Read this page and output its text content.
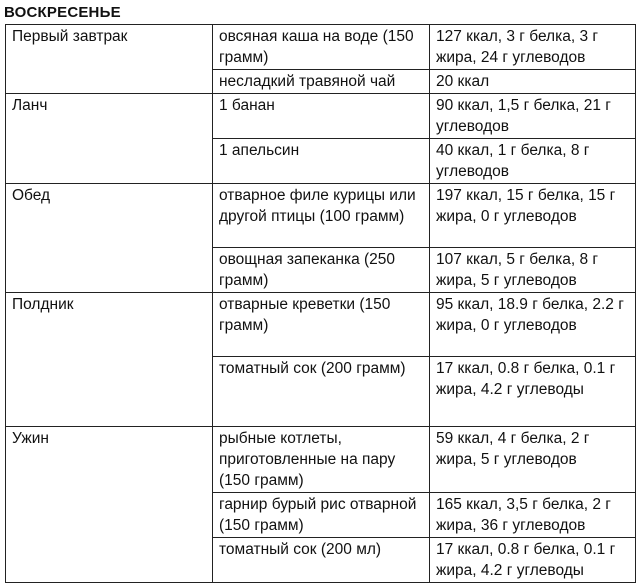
ВОСКРЕСЕНЬЕ
Первый завтрак	овсяная каша на воде (150 грамм)	127 ккал, 3 г белка, 3 г жира, 24 г углеводов
	несладкий травяной чай	20 ккал
Ланч	1 банан	90 ккал, 1,5 г белка, 21 г углеводов
	1 апельсин	40 ккал, 1 г белка, 8 г углеводов
Обед	отварное филе курицы или другой птицы (100 грамм)	197 ккал, 15 г белка, 15 г жира, 0 г углеводов
	овощная запеканка (250 грамм)	107 ккал, 5 г белка, 8 г жира, 5 г углеводов
Полдник	отварные креветки (150 грамм)	95 ккал, 18.9 г белка, 2.2 г жира, 0 г углеводов
	томатный сок (200 грамм)	17 ккал, 0.8 г белка, 0.1 г жира, 4.2 г углеводы
Ужин	рыбные котлеты, приготовленные на пару (150 грамм)	59 ккал, 4 г белка, 2 г жира, 5 г углеводов
	гарнир бурый рис отварной (150 грамм)	165 ккал, 3,5 г белка, 2 г жира, 36 г углеводов
	томатный сок (200 мл)	17 ккал, 0.8 г белка, 0.1 г жира, 4.2 г углеводы
